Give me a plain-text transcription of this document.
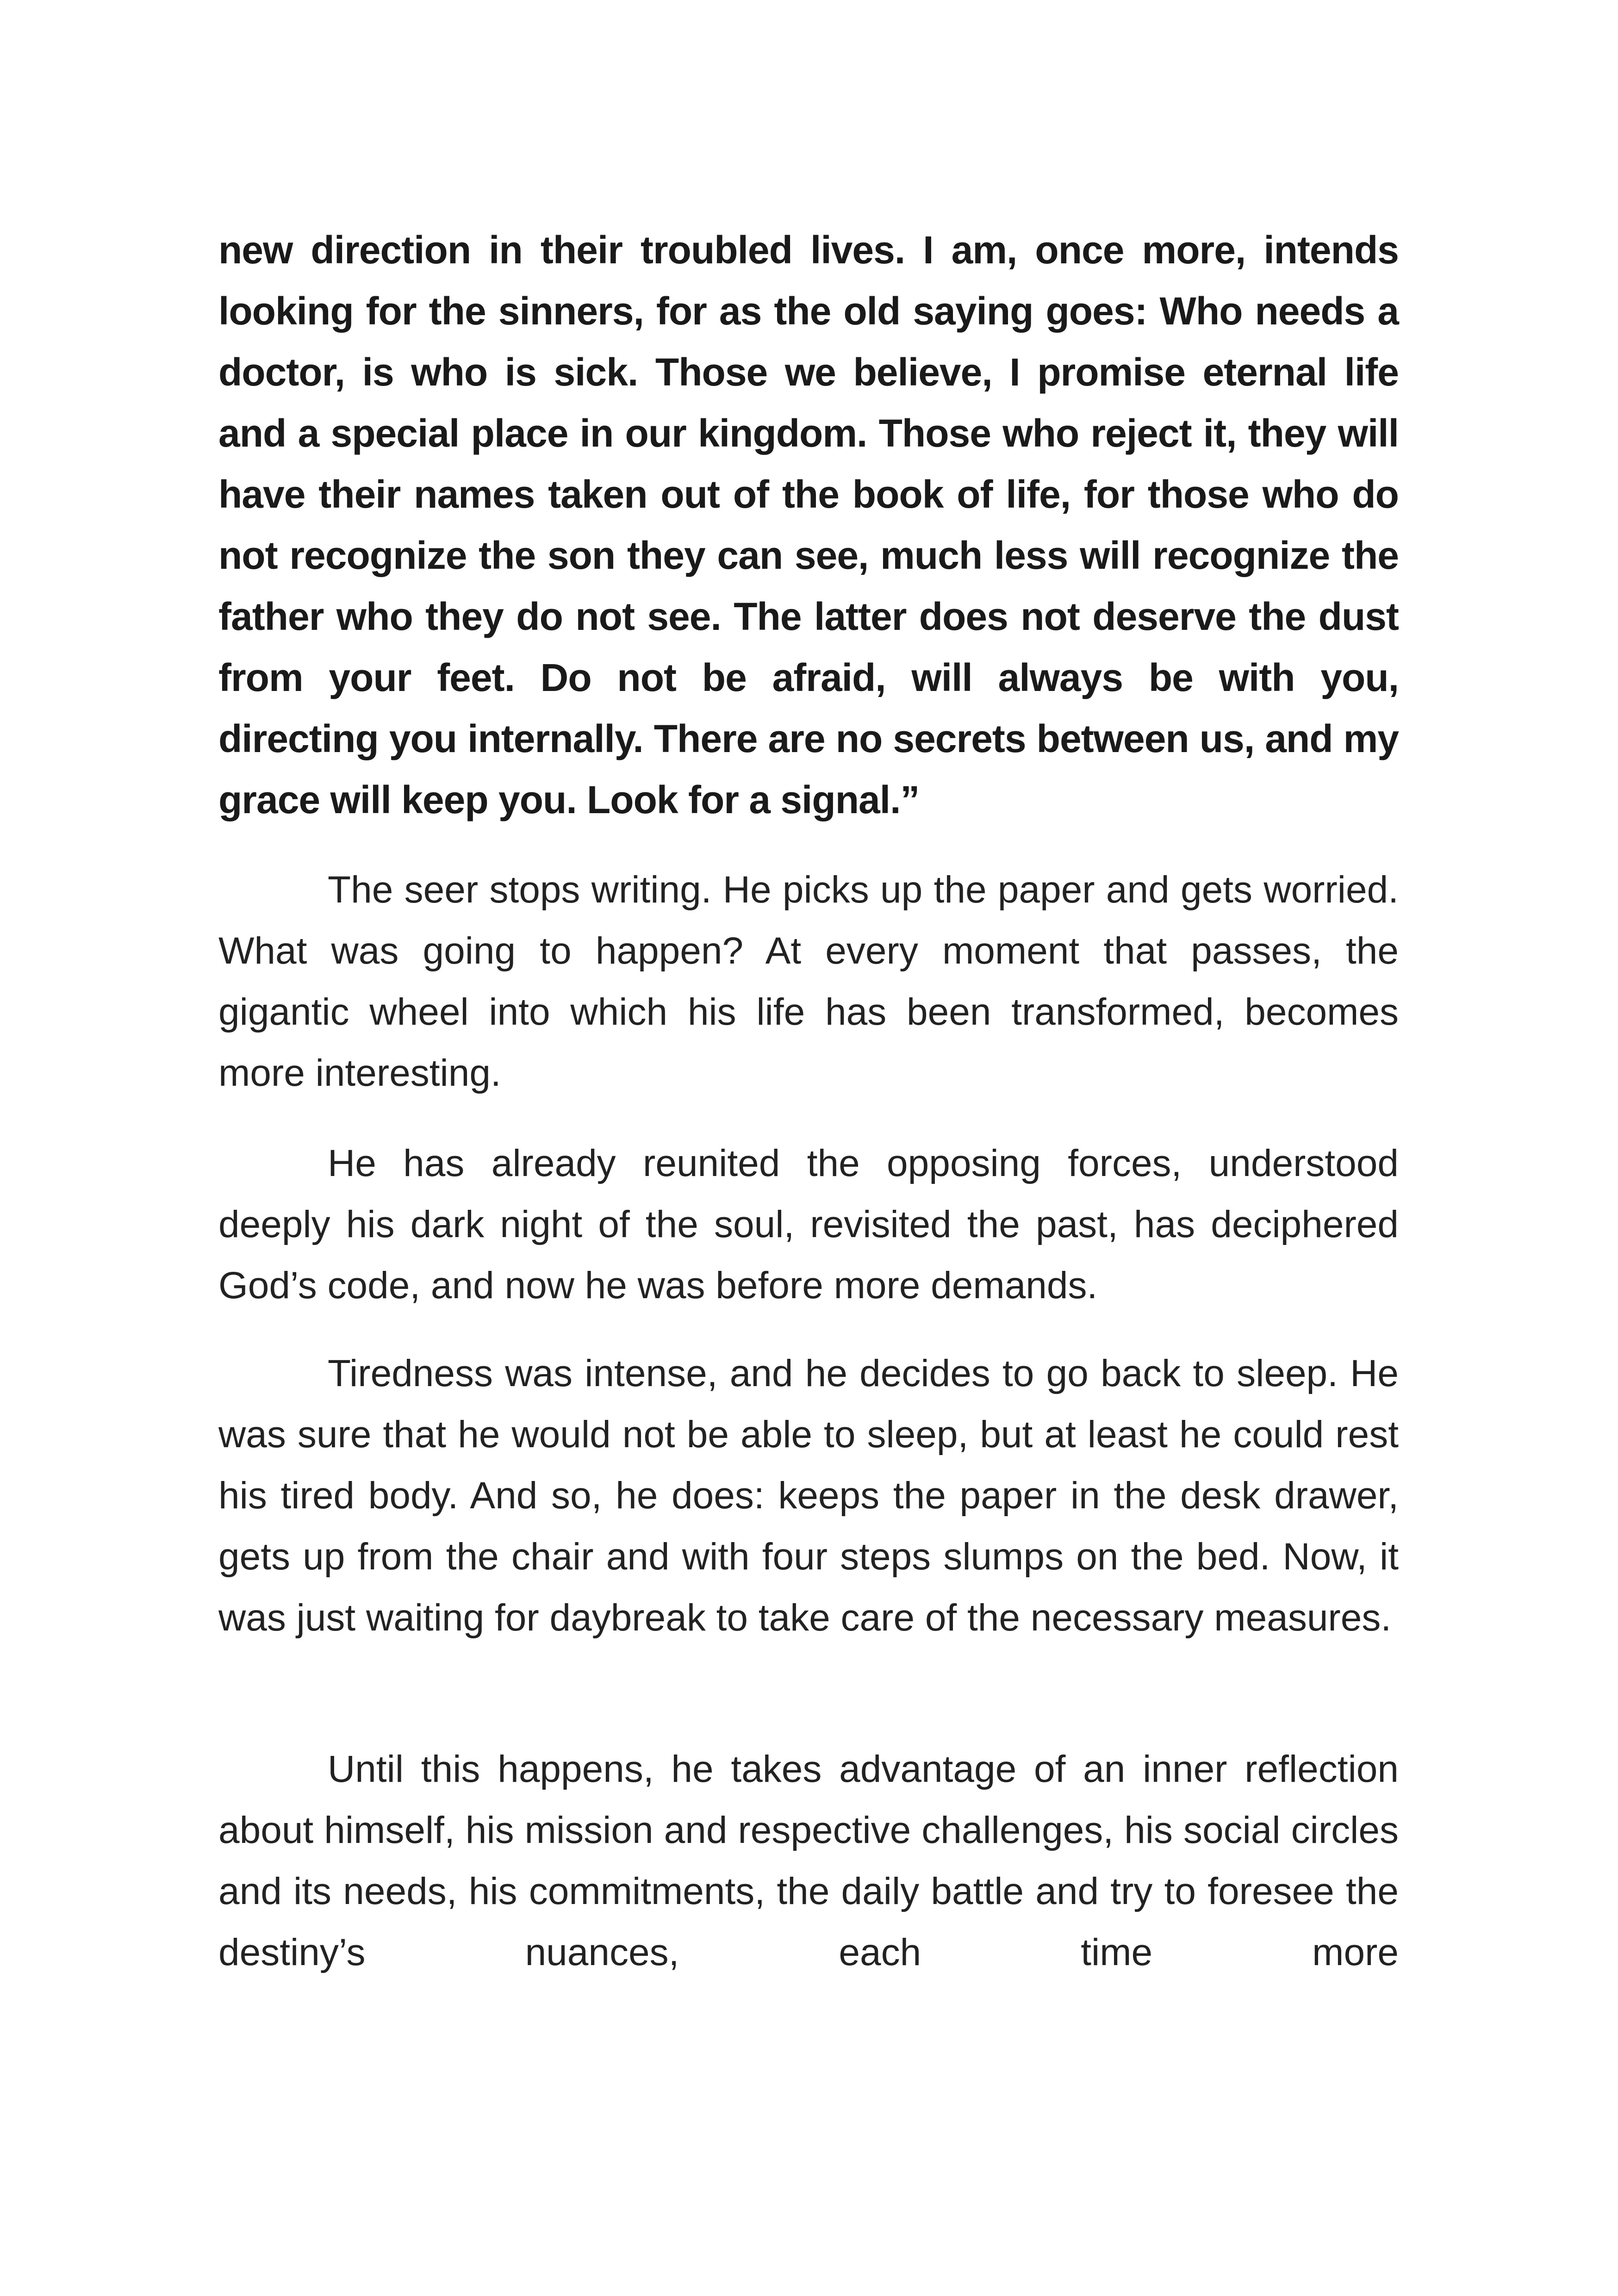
new direction in their troubled lives. I am, once more, intends looking for the sinners, for as the old saying goes: Who needs a doctor, is who is sick. Those we believe, I promise eternal life and a special place in our kingdom. Those who reject it, they will have their names taken out of the book of life, for those who do not recognize the son they can see, much less will recognize the father who they do not see. The latter does not deserve the dust from your feet. Do not be afraid, will always be with you, directing you internally. There are no secrets between us, and my grace will keep you. Look for a signal.”

The seer stops writing. He picks up the paper and gets worried. What was going to happen? At every moment that passes, the gigantic wheel into which his life has been transformed, becomes more interesting.

He has already reunited the opposing forces, understood deeply his dark night of the soul, revisited the past, has deciphered God’s code, and now he was before more demands.

Tiredness was intense, and he decides to go back to sleep. He was sure that he would not be able to sleep, but at least he could rest his tired body. And so, he does: keeps the paper in the desk drawer, gets up from the chair and with four steps slumps on the bed. Now, it was just waiting for daybreak to take care of the necessary measures.

Until this happens, he takes advantage of an inner reflection about himself, his mission and respective challenges, his social circles and its needs, his commitments, the daily battle and try to foresee the destiny’s nuances, each time more
